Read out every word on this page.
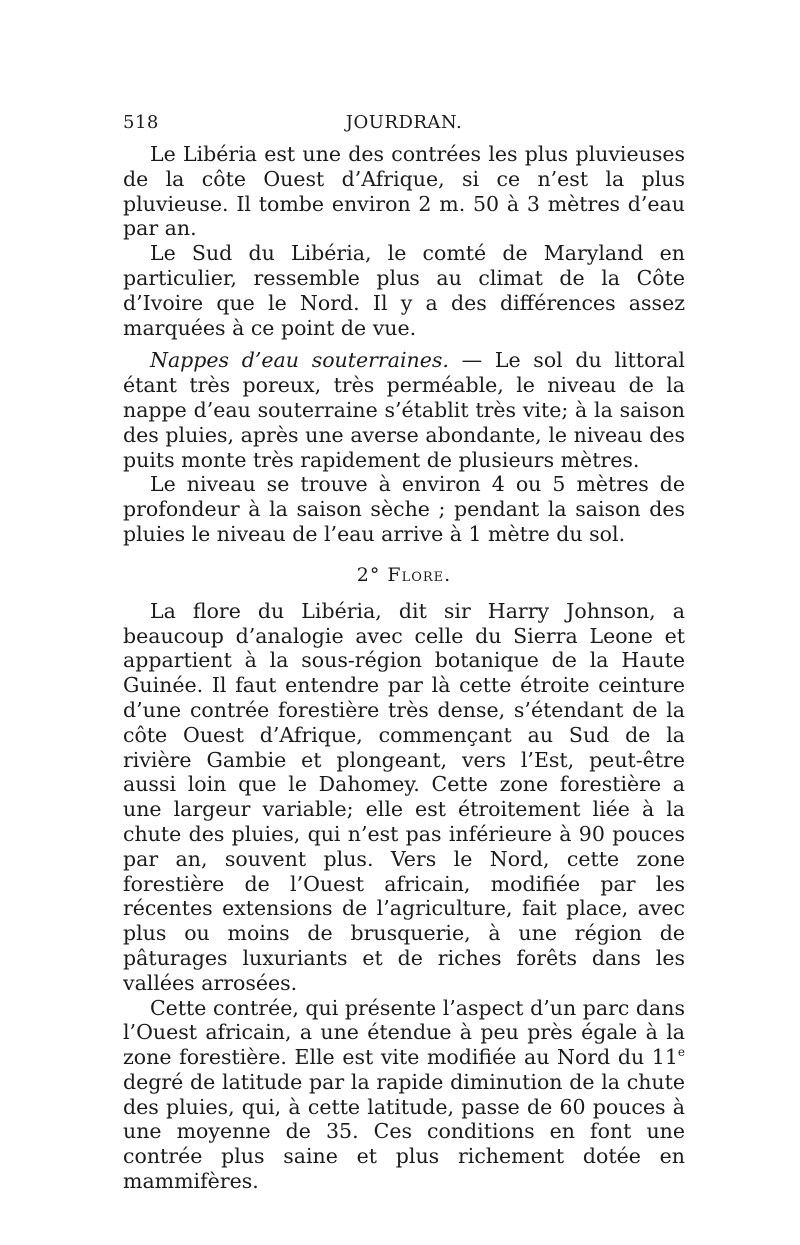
518	JOURDRAN.

Le Libéria est une des contrées les plus pluvieuses de la côte Ouest d’Afrique, si ce n’est la plus pluvieuse. Il tombe environ 2 m. 50 à 3 mètres d’eau par an.

Le Sud du Libéria, le comté de Maryland en particulier, ressemble plus au climat de la Côte d’Ivoire que le Nord. Il y a des différences assez marquées à ce point de vue.

Nappes d’eau souterraines. — Le sol du littoral étant très poreux, très perméable, le niveau de la nappe d’eau souterraine s’établit très vite; à la saison des pluies, après une averse abondante, le niveau des puits monte très rapidement de plusieurs mètres.

Le niveau se trouve à environ 4 ou 5 mètres de profondeur à la saison sèche ; pendant la saison des pluies le niveau de l’eau arrive à 1 mètre du sol.

2° Flore.

La flore du Libéria, dit sir Harry Johnson, a beaucoup d’analogie avec celle du Sierra Leone et appartient à la sous-région botanique de la Haute Guinée. Il faut entendre par là cette étroite ceinture d’une contrée forestière très dense, s’étendant de la côte Ouest d’Afrique, commençant au Sud de la rivière Gambie et plongeant, vers l’Est, peut-être aussi loin que le Dahomey. Cette zone forestière a une largeur variable; elle est étroitement liée à la chute des pluies, qui n’est pas inférieure à 90 pouces par an, souvent plus. Vers le Nord, cette zone forestière de l’Ouest africain, modifiée par les récentes extensions de l’agriculture, fait place, avec plus ou moins de brusquerie, à une région de pâturages luxuriants et de riches forêts dans les vallées arrosées.

Cette contrée, qui présente l’aspect d’un parc dans l’Ouest africain, a une étendue à peu près égale à la zone forestière. Elle est vite modifiée au Nord du 11e degré de latitude par la rapide diminution de la chute des pluies, qui, à cette latitude, passe de 60 pouces à une moyenne de 35. Ces conditions en font une contrée plus saine et plus richement dotée en mammifères.
